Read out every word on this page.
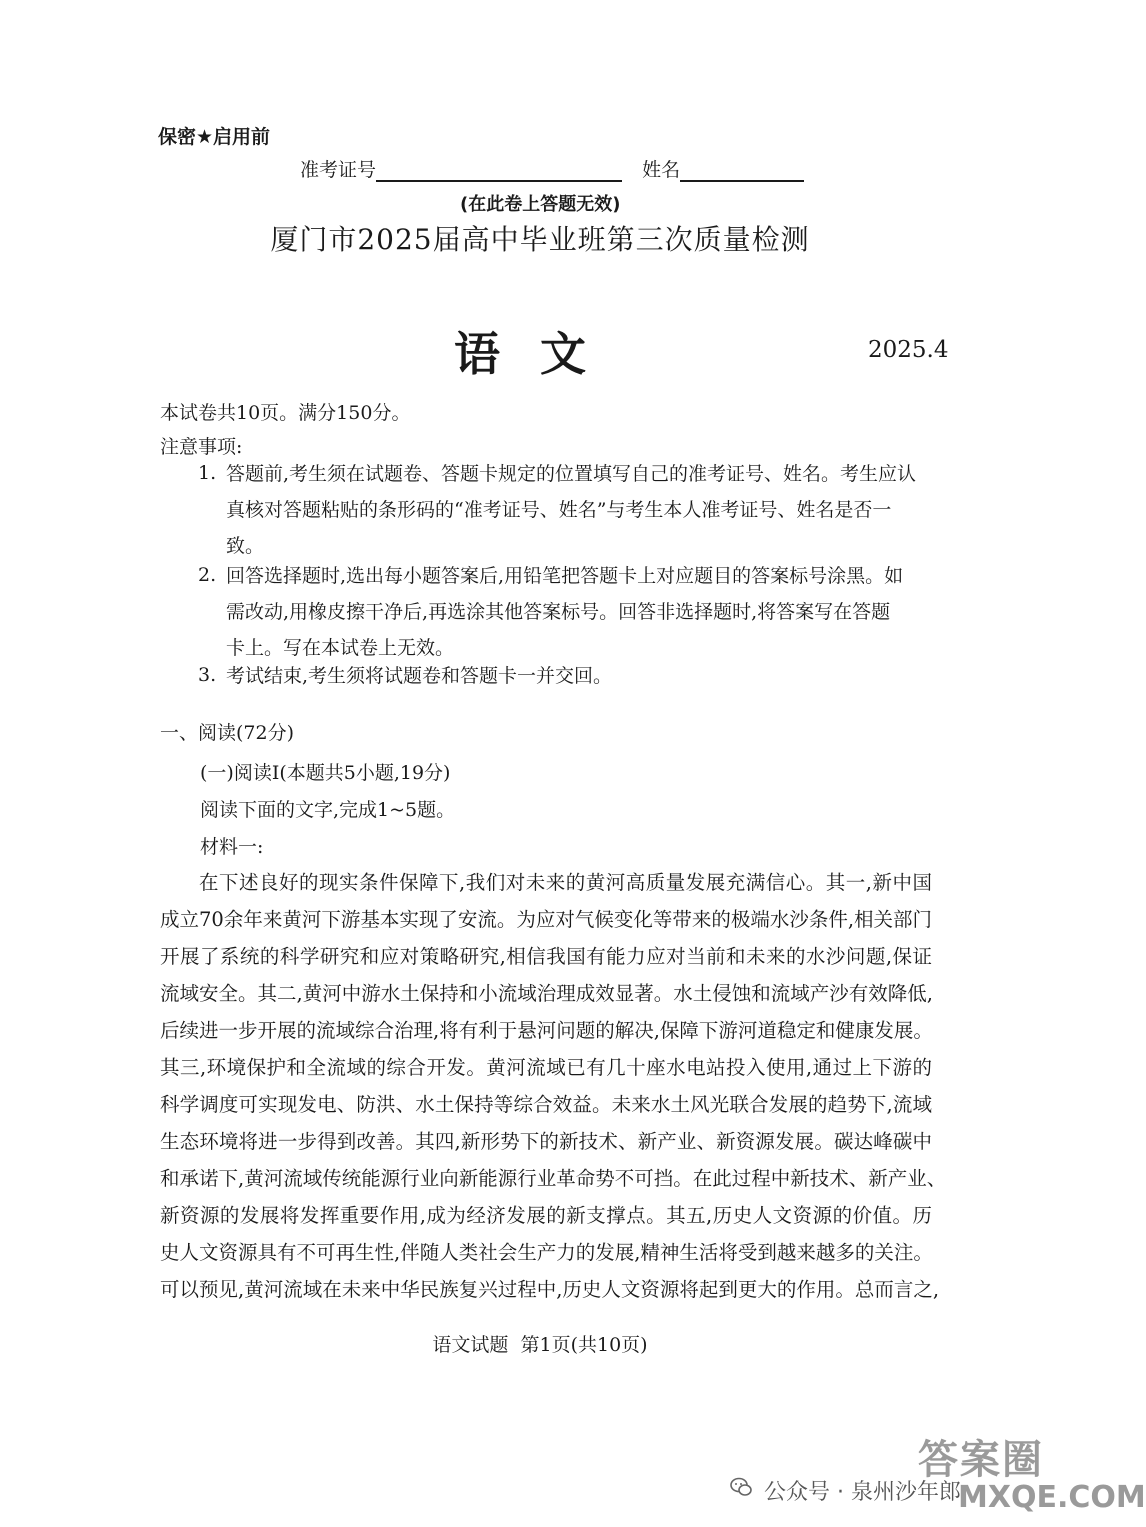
保密★启用前
准考证号	姓名
(在此卷上答题无效)
厦门市2025届高中毕业班第三次质量检测
语文	2025.4
本试卷共10页。满分150分。
注意事项:
1. 答题前,考生须在试题卷、答题卡规定的位置填写自己的准考证号、姓名。考生应认
真核对答题粘贴的条形码的“准考证号、姓名”与考生本人准考证号、姓名是否一
致。
2. 回答选择题时,选出每小题答案后,用铅笔把答题卡上对应题目的答案标号涂黑。如
需改动,用橡皮擦干净后,再选涂其他答案标号。回答非选择题时,将答案写在答题
卡上。写在本试卷上无效。
3. 考试结束,考生须将试题卷和答题卡一并交回。
一、阅读(72分)
(一)阅读Ⅰ(本题共5小题,19分)
阅读下面的文字,完成1~5题。
材料一:
在下述良好的现实条件保障下,我们对未来的黄河高质量发展充满信心。其一,新中国
成立70余年来黄河下游基本实现了安流。为应对气候变化等带来的极端水沙条件,相关部门
开展了系统的科学研究和应对策略研究,相信我国有能力应对当前和未来的水沙问题,保证
流域安全。其二,黄河中游水土保持和小流域治理成效显著。水土侵蚀和流域产沙有效降低,
后续进一步开展的流域综合治理,将有利于悬河问题的解决,保障下游河道稳定和健康发展。
其三,环境保护和全流域的综合开发。黄河流域已有几十座水电站投入使用,通过上下游的
科学调度可实现发电、防洪、水土保持等综合效益。未来水土风光联合发展的趋势下,流域
生态环境将进一步得到改善。其四,新形势下的新技术、新产业、新资源发展。碳达峰碳中
和承诺下,黄河流域传统能源行业向新能源行业革命势不可挡。在此过程中新技术、新产业、
新资源的发展将发挥重要作用,成为经济发展的新支撑点。其五,历史人文资源的价值。历
史人文资源具有不可再生性,伴随人类社会生产力的发展,精神生活将受到越来越多的关注。
可以预见,黄河流域在未来中华民族复兴过程中,历史人文资源将起到更大的作用。总而言之,
语文试题  第1页(共10页)
公众号 · 泉州沙年郎
答案圈
MXQE.COM
